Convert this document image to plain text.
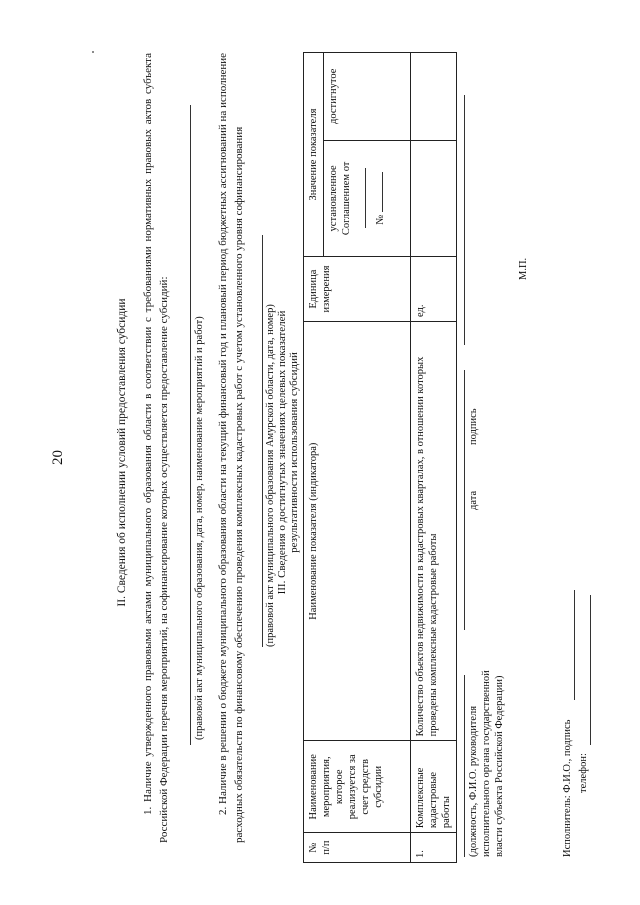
20	II. Сведения об исполнении условий предоставления субсидии 1. Наличие утвержденного правовыми актами муниципального образования области в соответствии с требованиями нормативных правовых актов субъекта Российской Федерации перечня мероприятий, на софинансирование которых осуществляется предоставление субсидий: (правовой акт муниципального образования, дата, номер, наименование мероприятий и работ) 2. Наличие в решении о бюджете муниципального образования области на текущий финансовый год и плановый период бюджетных ассигнований на исполнение расходных обязательств по финансовому обеспечению проведения комплексных кадастровых работ с учетом установленного уровня софинансирования (правовой акт муниципального образования Амурской области, дата, номер) III. Сведения о достигнутых значениях целевых показателей результативности использования субсидий
№ п/п	Наименование мероприятия, которое реализуется за счет средств субсидии	Наименование показателя (индикатора)	Единица измерения	Значение показателя	

				установленное Соглашением от №	достигнутое
1.	Комплексные кадастровые работы	Количество объектов недвижимости в кадастровых кварталах, в отношении которых проведены комплексные кадастровые работы	ед.		
(должность, Ф.И.О. руководителя исполнительного органа государственной власти субъекта Российской Федерации)
дата
подпись
М.П.
Исполнитель: Ф.И.О., подпись телефон:
